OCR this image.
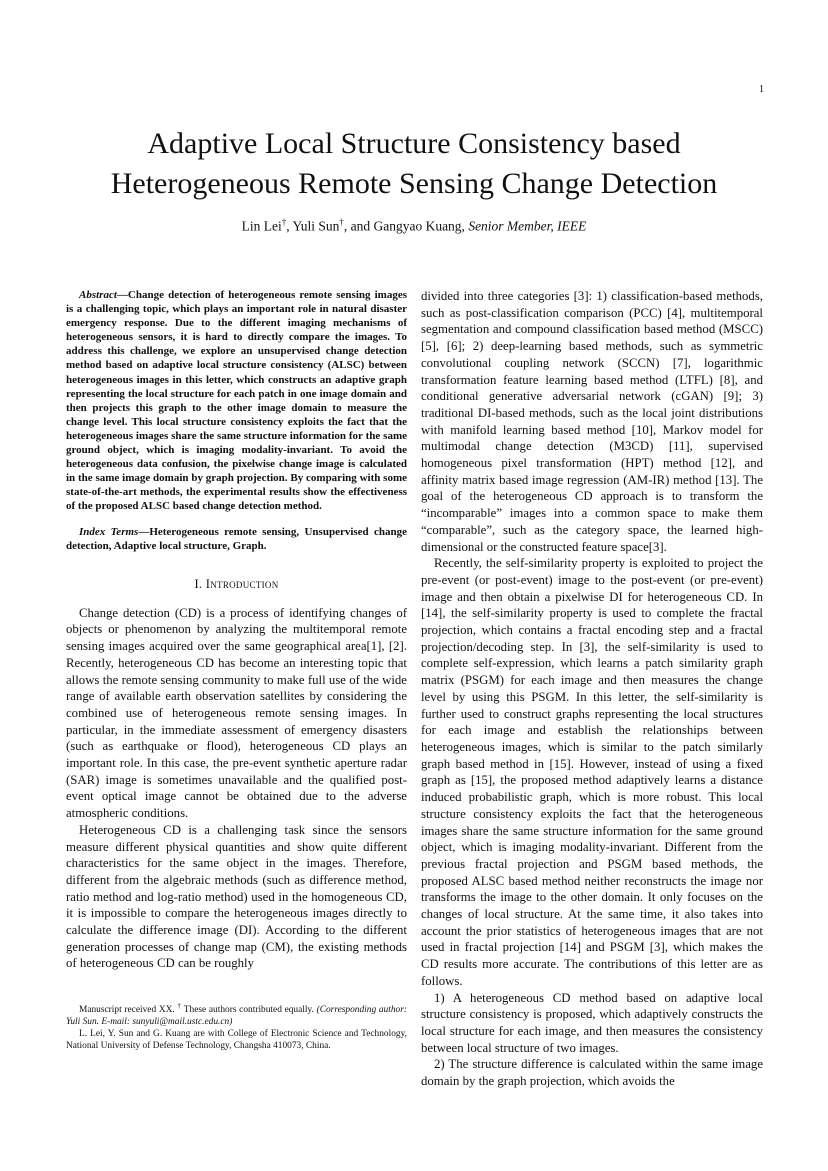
1
Adaptive Local Structure Consistency based
Heterogeneous Remote Sensing Change Detection
Lin Lei†, Yuli Sun†, and Gangyao Kuang, Senior Member, IEEE

Abstract—Change detection of heterogeneous remote sensing images is a challenging topic, which plays an important role in natural disaster emergency response. Due to the different imaging mechanisms of heterogeneous sensors, it is hard to directly compare the images. To address this challenge, we explore an unsupervised change detection method based on adaptive local structure consistency (ALSC) between heterogeneous images in this letter, which constructs an adaptive graph representing the local structure for each patch in one image domain and then projects this graph to the other image domain to measure the change level. This local structure consistency exploits the fact that the heterogeneous images share the same structure information for the same ground object, which is imaging modality-invariant. To avoid the heterogeneous data confusion, the pixelwise change image is calculated in the same image domain by graph projection. By comparing with some state-of-the-art methods, the experimental results show the effectiveness of the proposed ALSC based change detection method.

Index Terms—Heterogeneous remote sensing, Unsupervised change detection, Adaptive local structure, Graph.

I. Introduction

Change detection (CD) is a process of identifying changes of objects or phenomenon by analyzing the multitemporal remote sensing images acquired over the same geographical area[1], [2]. Recently, heterogeneous CD has become an interesting topic that allows the remote sensing community to make full use of the wide range of available earth observation satellites by considering the combined use of heterogeneous remote sensing images. In particular, in the immediate assessment of emergency disasters (such as earthquake or flood), heterogeneous CD plays an important role. In this case, the pre-event synthetic aperture radar (SAR) image is sometimes unavailable and the qualified post-event optical image cannot be obtained due to the adverse atmospheric conditions.

Heterogeneous CD is a challenging task since the sensors measure different physical quantities and show quite different characteristics for the same object in the images. Therefore, different from the algebraic methods (such as difference method, ratio method and log-ratio method) used in the homogeneous CD, it is impossible to compare the heterogeneous images directly to calculate the difference image (DI). According to the different generation processes of change map (CM), the existing methods of heterogeneous CD can be roughly

Manuscript received XX. † These authors contributed equally. (Corresponding author: Yuli Sun. E-mail: sunyuli@mail.ustc.edu.cn)

L. Lei, Y. Sun and G. Kuang are with College of Electronic Science and Technology, National University of Defense Technology, Changsha 410073, China.

divided into three categories [3]: 1) classification-based methods, such as post-classification comparison (PCC) [4], multitemporal segmentation and compound classification based method (MSCC) [5], [6]; 2) deep-learning based methods, such as symmetric convolutional coupling network (SCCN) [7], logarithmic transformation feature learning based method (LTFL) [8], and conditional generative adversarial network (cGAN) [9]; 3) traditional DI-based methods, such as the local joint distributions with manifold learning based method [10], Markov model for multimodal change detection (M3CD) [11], supervised homogeneous pixel transformation (HPT) method [12], and affinity matrix based image regression (AM-IR) method [13]. The goal of the heterogeneous CD approach is to transform the “incomparable” images into a common space to make them “comparable”, such as the category space, the learned high-dimensional or the constructed feature space[3].

Recently, the self-similarity property is exploited to project the pre-event (or post-event) image to the post-event (or pre-event) image and then obtain a pixelwise DI for heterogeneous CD. In [14], the self-similarity property is used to complete the fractal projection, which contains a fractal encoding step and a fractal projection/decoding step. In [3], the self-similarity is used to complete self-expression, which learns a patch similarity graph matrix (PSGM) for each image and then measures the change level by using this PSGM. In this letter, the self-similarity is further used to construct graphs representing the local structures for each image and establish the relationships between heterogeneous images, which is similar to the patch similarly graph based method in [15]. However, instead of using a fixed graph as [15], the proposed method adaptively learns a distance induced probabilistic graph, which is more robust. This local structure consistency exploits the fact that the heterogeneous images share the same structure information for the same ground object, which is imaging modality-invariant. Different from the previous fractal projection and PSGM based methods, the proposed ALSC based method neither reconstructs the image nor transforms the image to the other domain. It only focuses on the changes of local structure. At the same time, it also takes into account the prior statistics of heterogeneous images that are not used in fractal projection [14] and PSGM [3], which makes the CD results more accurate. The contributions of this letter are as follows.

1) A heterogeneous CD method based on adaptive local structure consistency is proposed, which adaptively constructs the local structure for each image, and then measures the consistency between local structure of two images.

2) The structure difference is calculated within the same image domain by the graph projection, which avoids the
